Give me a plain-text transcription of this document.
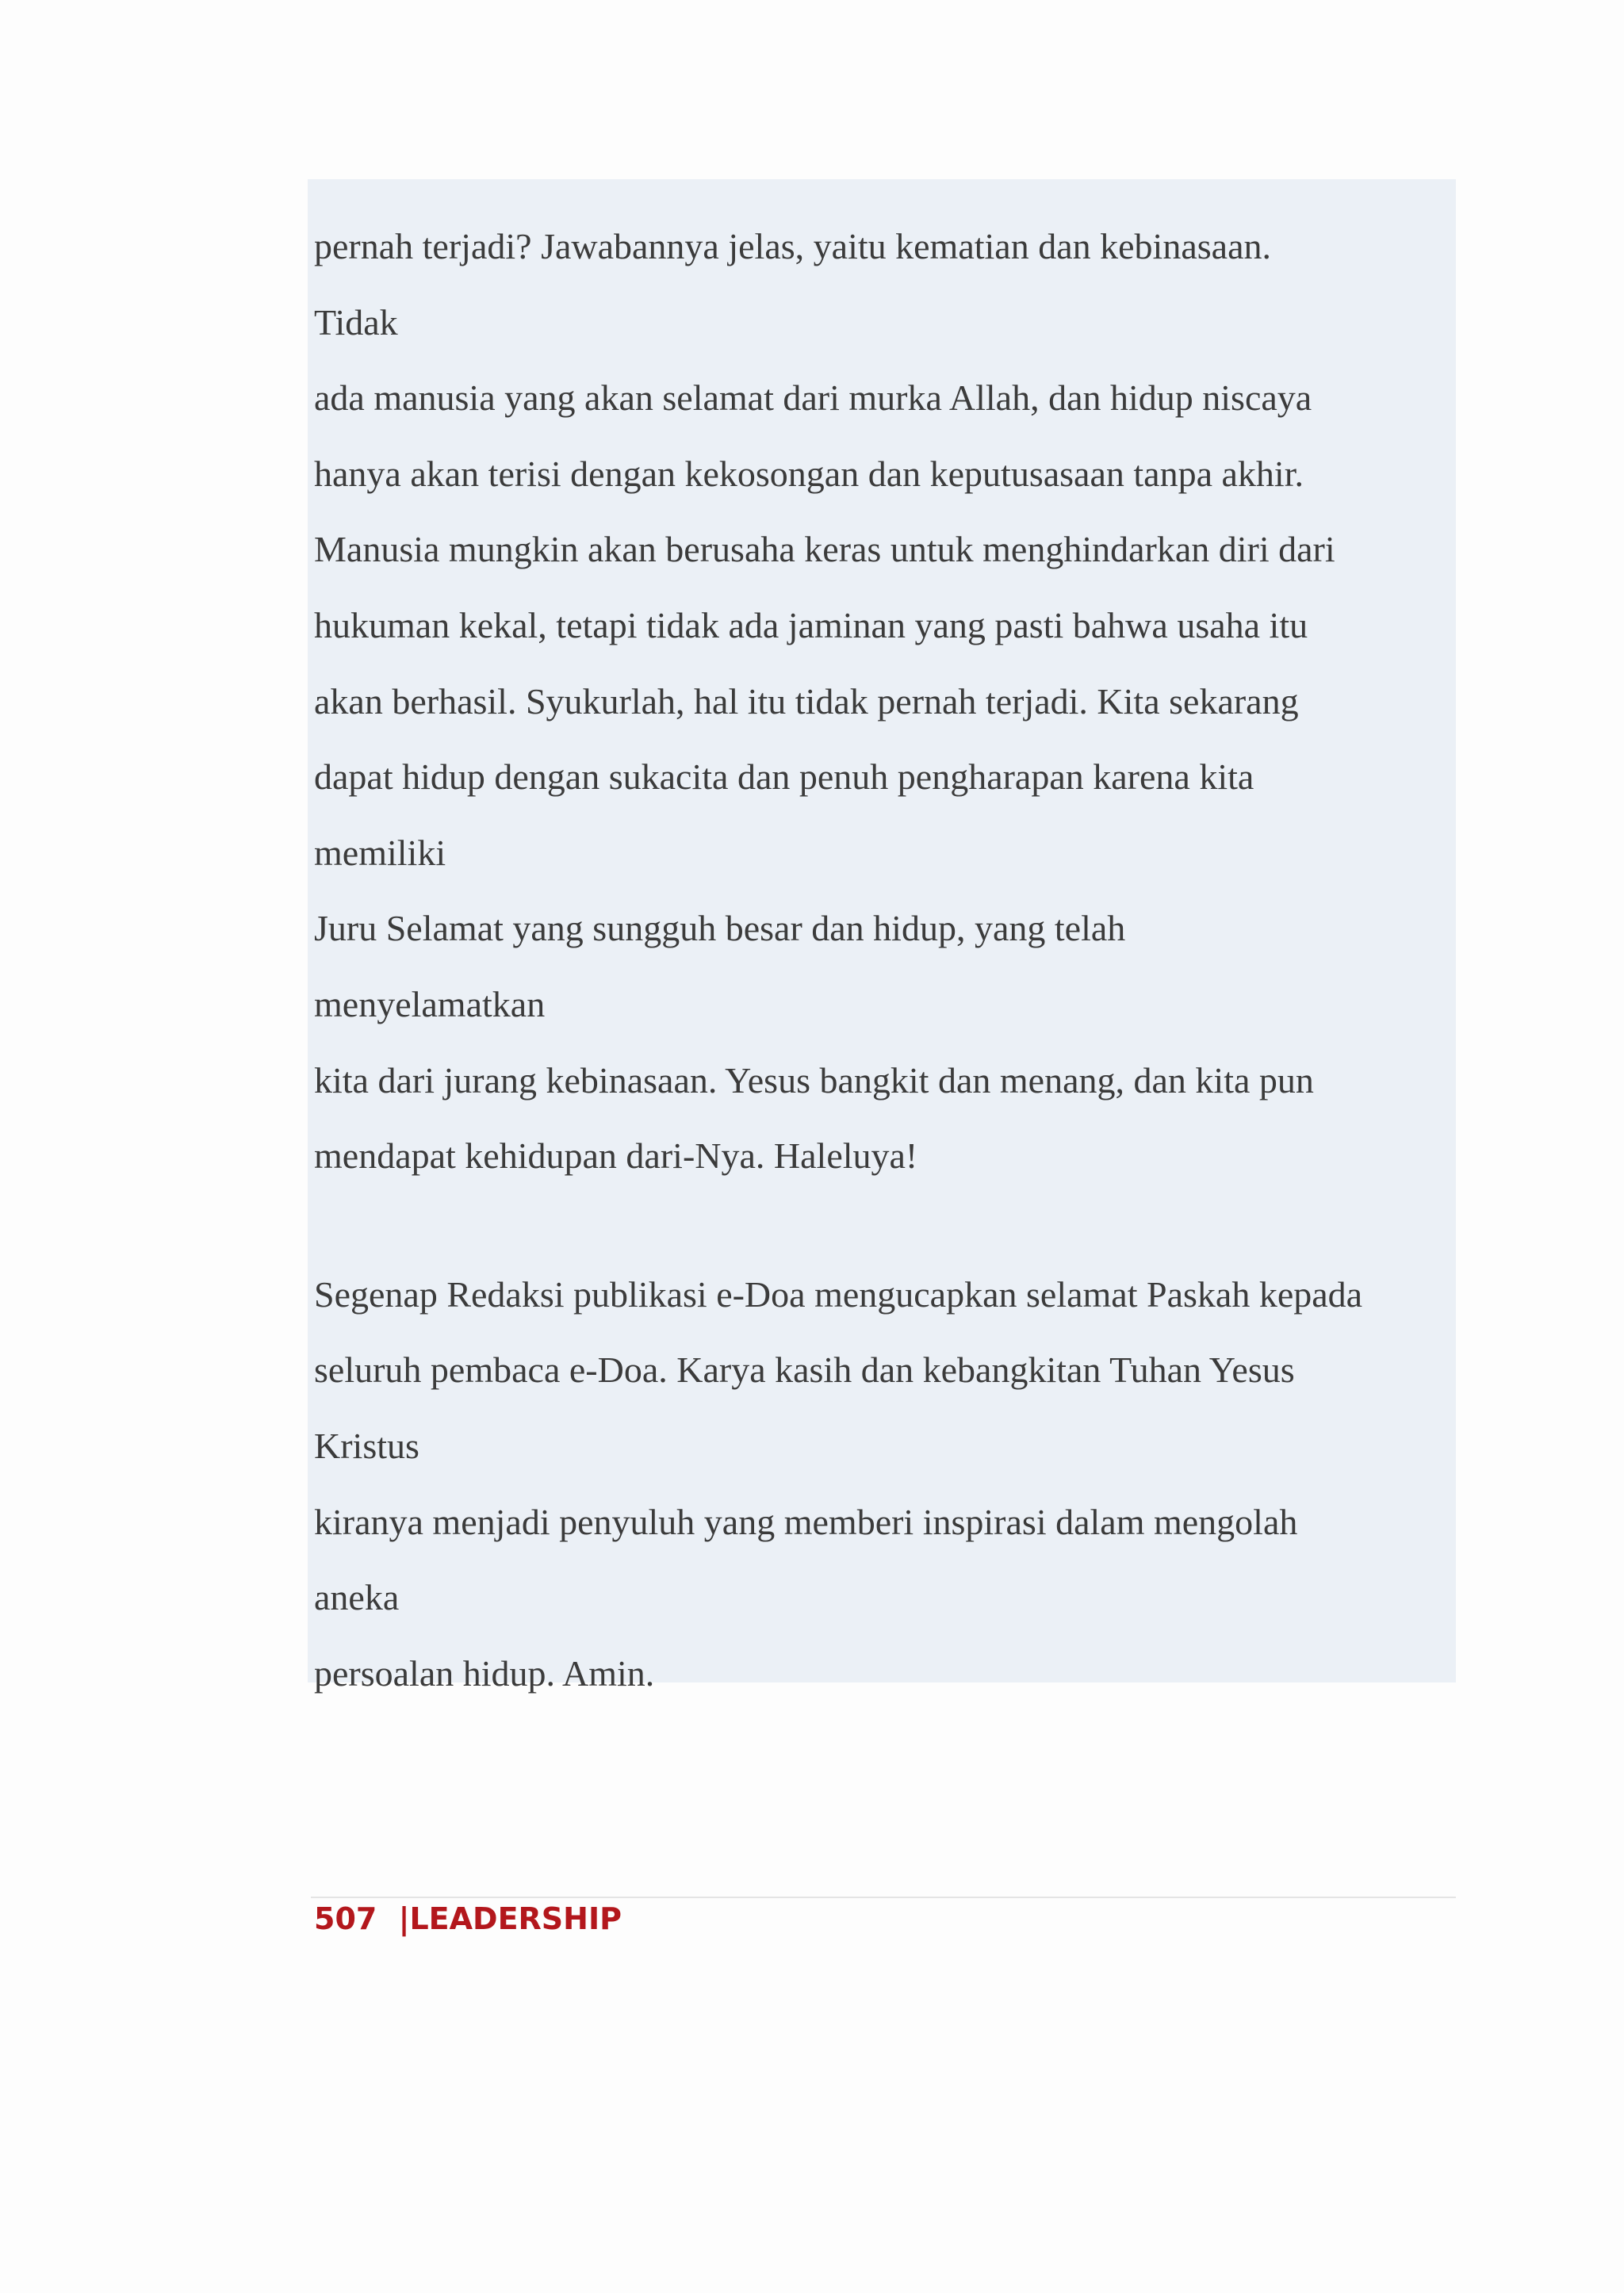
pernah terjadi? Jawabannya jelas, yaitu kematian dan kebinasaan.
Tidak
ada manusia yang akan selamat dari murka Allah, dan hidup niscaya
hanya akan terisi dengan kekosongan dan keputusasaan tanpa akhir.
Manusia mungkin akan berusaha keras untuk menghindarkan diri dari
hukuman kekal, tetapi tidak ada jaminan yang pasti bahwa usaha itu
akan berhasil. Syukurlah, hal itu tidak pernah terjadi. Kita sekarang
dapat hidup dengan sukacita dan penuh pengharapan karena kita
memiliki
Juru Selamat yang sungguh besar dan hidup, yang telah
menyelamatkan
kita dari jurang kebinasaan. Yesus bangkit dan menang, dan kita pun
mendapat kehidupan dari-Nya. Haleluya!
Segenap Redaksi publikasi e-Doa mengucapkan selamat Paskah kepada
seluruh pembaca e-Doa. Karya kasih dan kebangkitan Tuhan Yesus
Kristus
kiranya menjadi penyuluh yang memberi inspirasi dalam mengolah
aneka
persoalan hidup. Amin.
507 |LEADERSHIP
